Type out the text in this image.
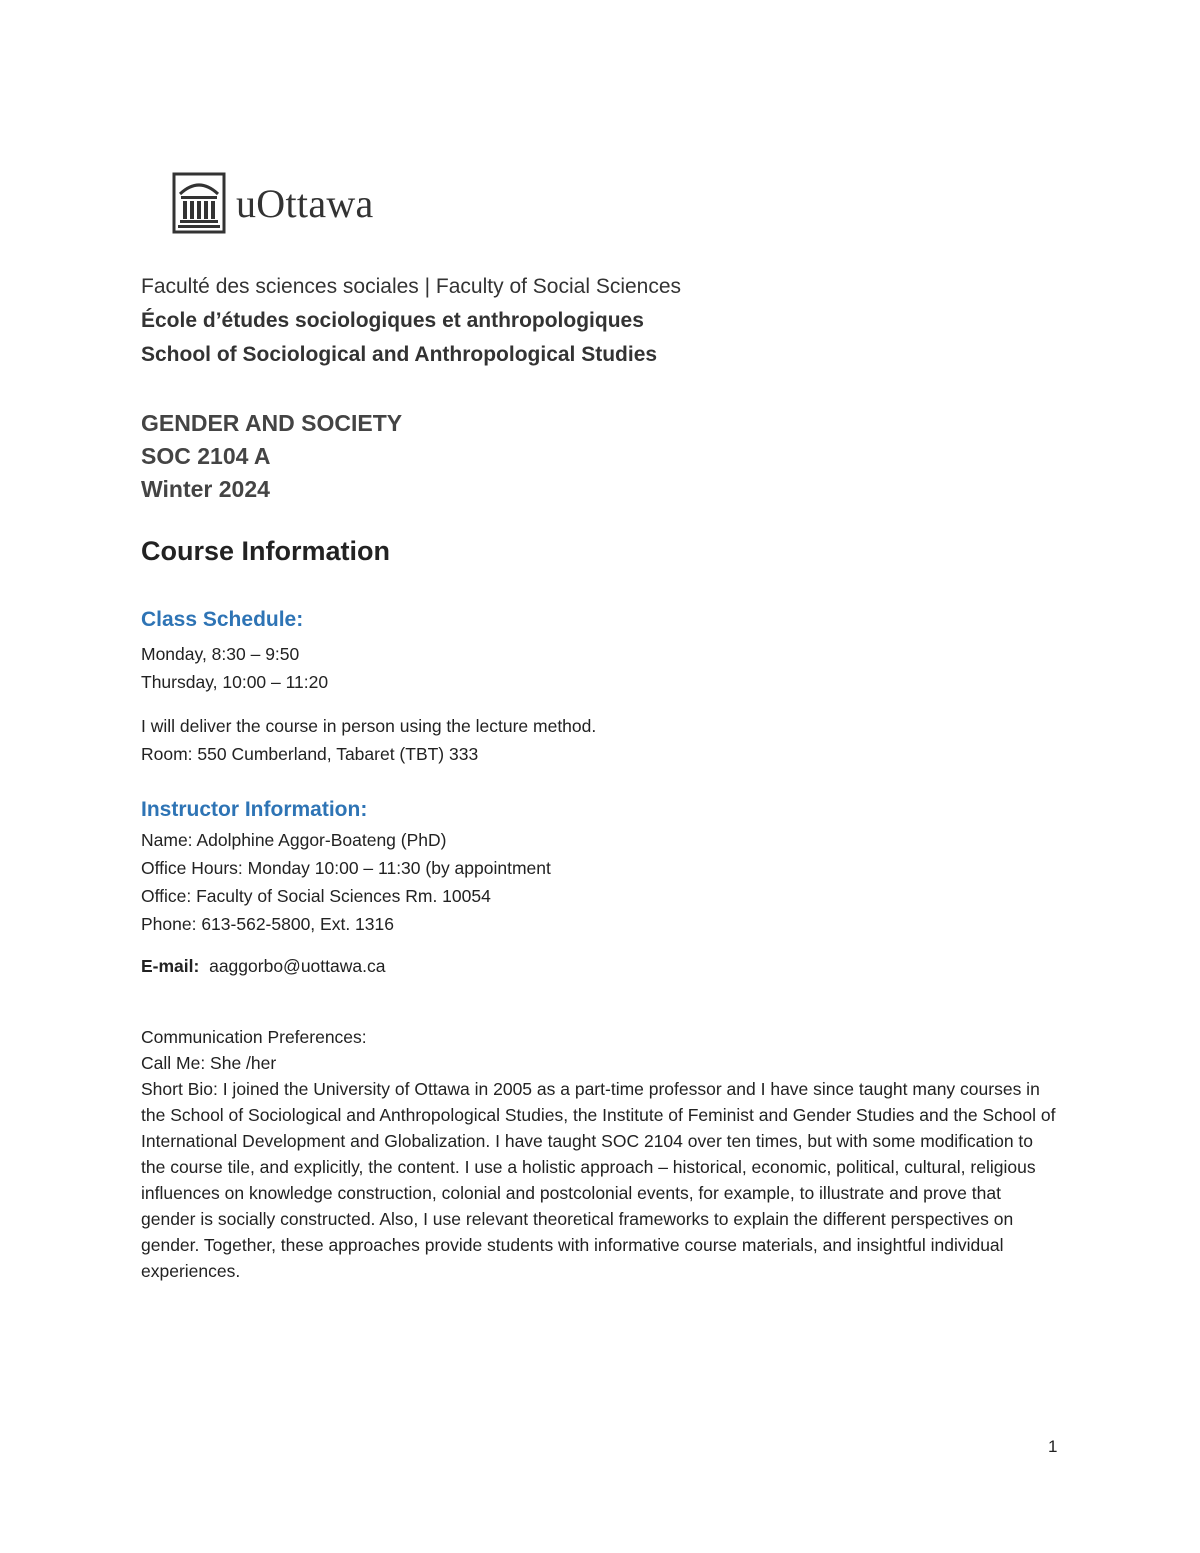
uOttawa
Faculté des sciences sociales | Faculty of Social Sciences
École d’études sociologiques et anthropologiques
School of Sociological and Anthropological Studies
GENDER AND SOCIETY
SOC 2104 A
Winter 2024
Course Information
Class Schedule:
Monday, 8:30 – 9:50
Thursday, 10:00 – 11:20
I will deliver the course in person using the lecture method.
Room: 550 Cumberland, Tabaret (TBT) 333
Instructor Information:
Name: Adolphine Aggor-Boateng (PhD)
Office Hours: Monday 10:00 – 11:30 (by appointment
Office: Faculty of Social Sciences Rm. 10054
Phone: 613-562-5800, Ext. 1316
E-mail: aaggorbo@uottawa.ca
Communication Preferences:
Call Me: She /her
Short Bio: I joined the University of Ottawa in 2005 as a part-time professor and I have since taught many courses in the School of Sociological and Anthropological Studies, the Institute of Feminist and Gender Studies and the School of International Development and Globalization. I have taught SOC 2104 over ten times, but with some modification to the course tile, and explicitly, the content. I use a holistic approach – historical, economic, political, cultural, religious influences on knowledge construction, colonial and postcolonial events, for example, to illustrate and prove that gender is socially constructed. Also, I use relevant theoretical frameworks to explain the different perspectives on gender. Together, these approaches provide students with informative course materials, and insightful individual experiences.
1
